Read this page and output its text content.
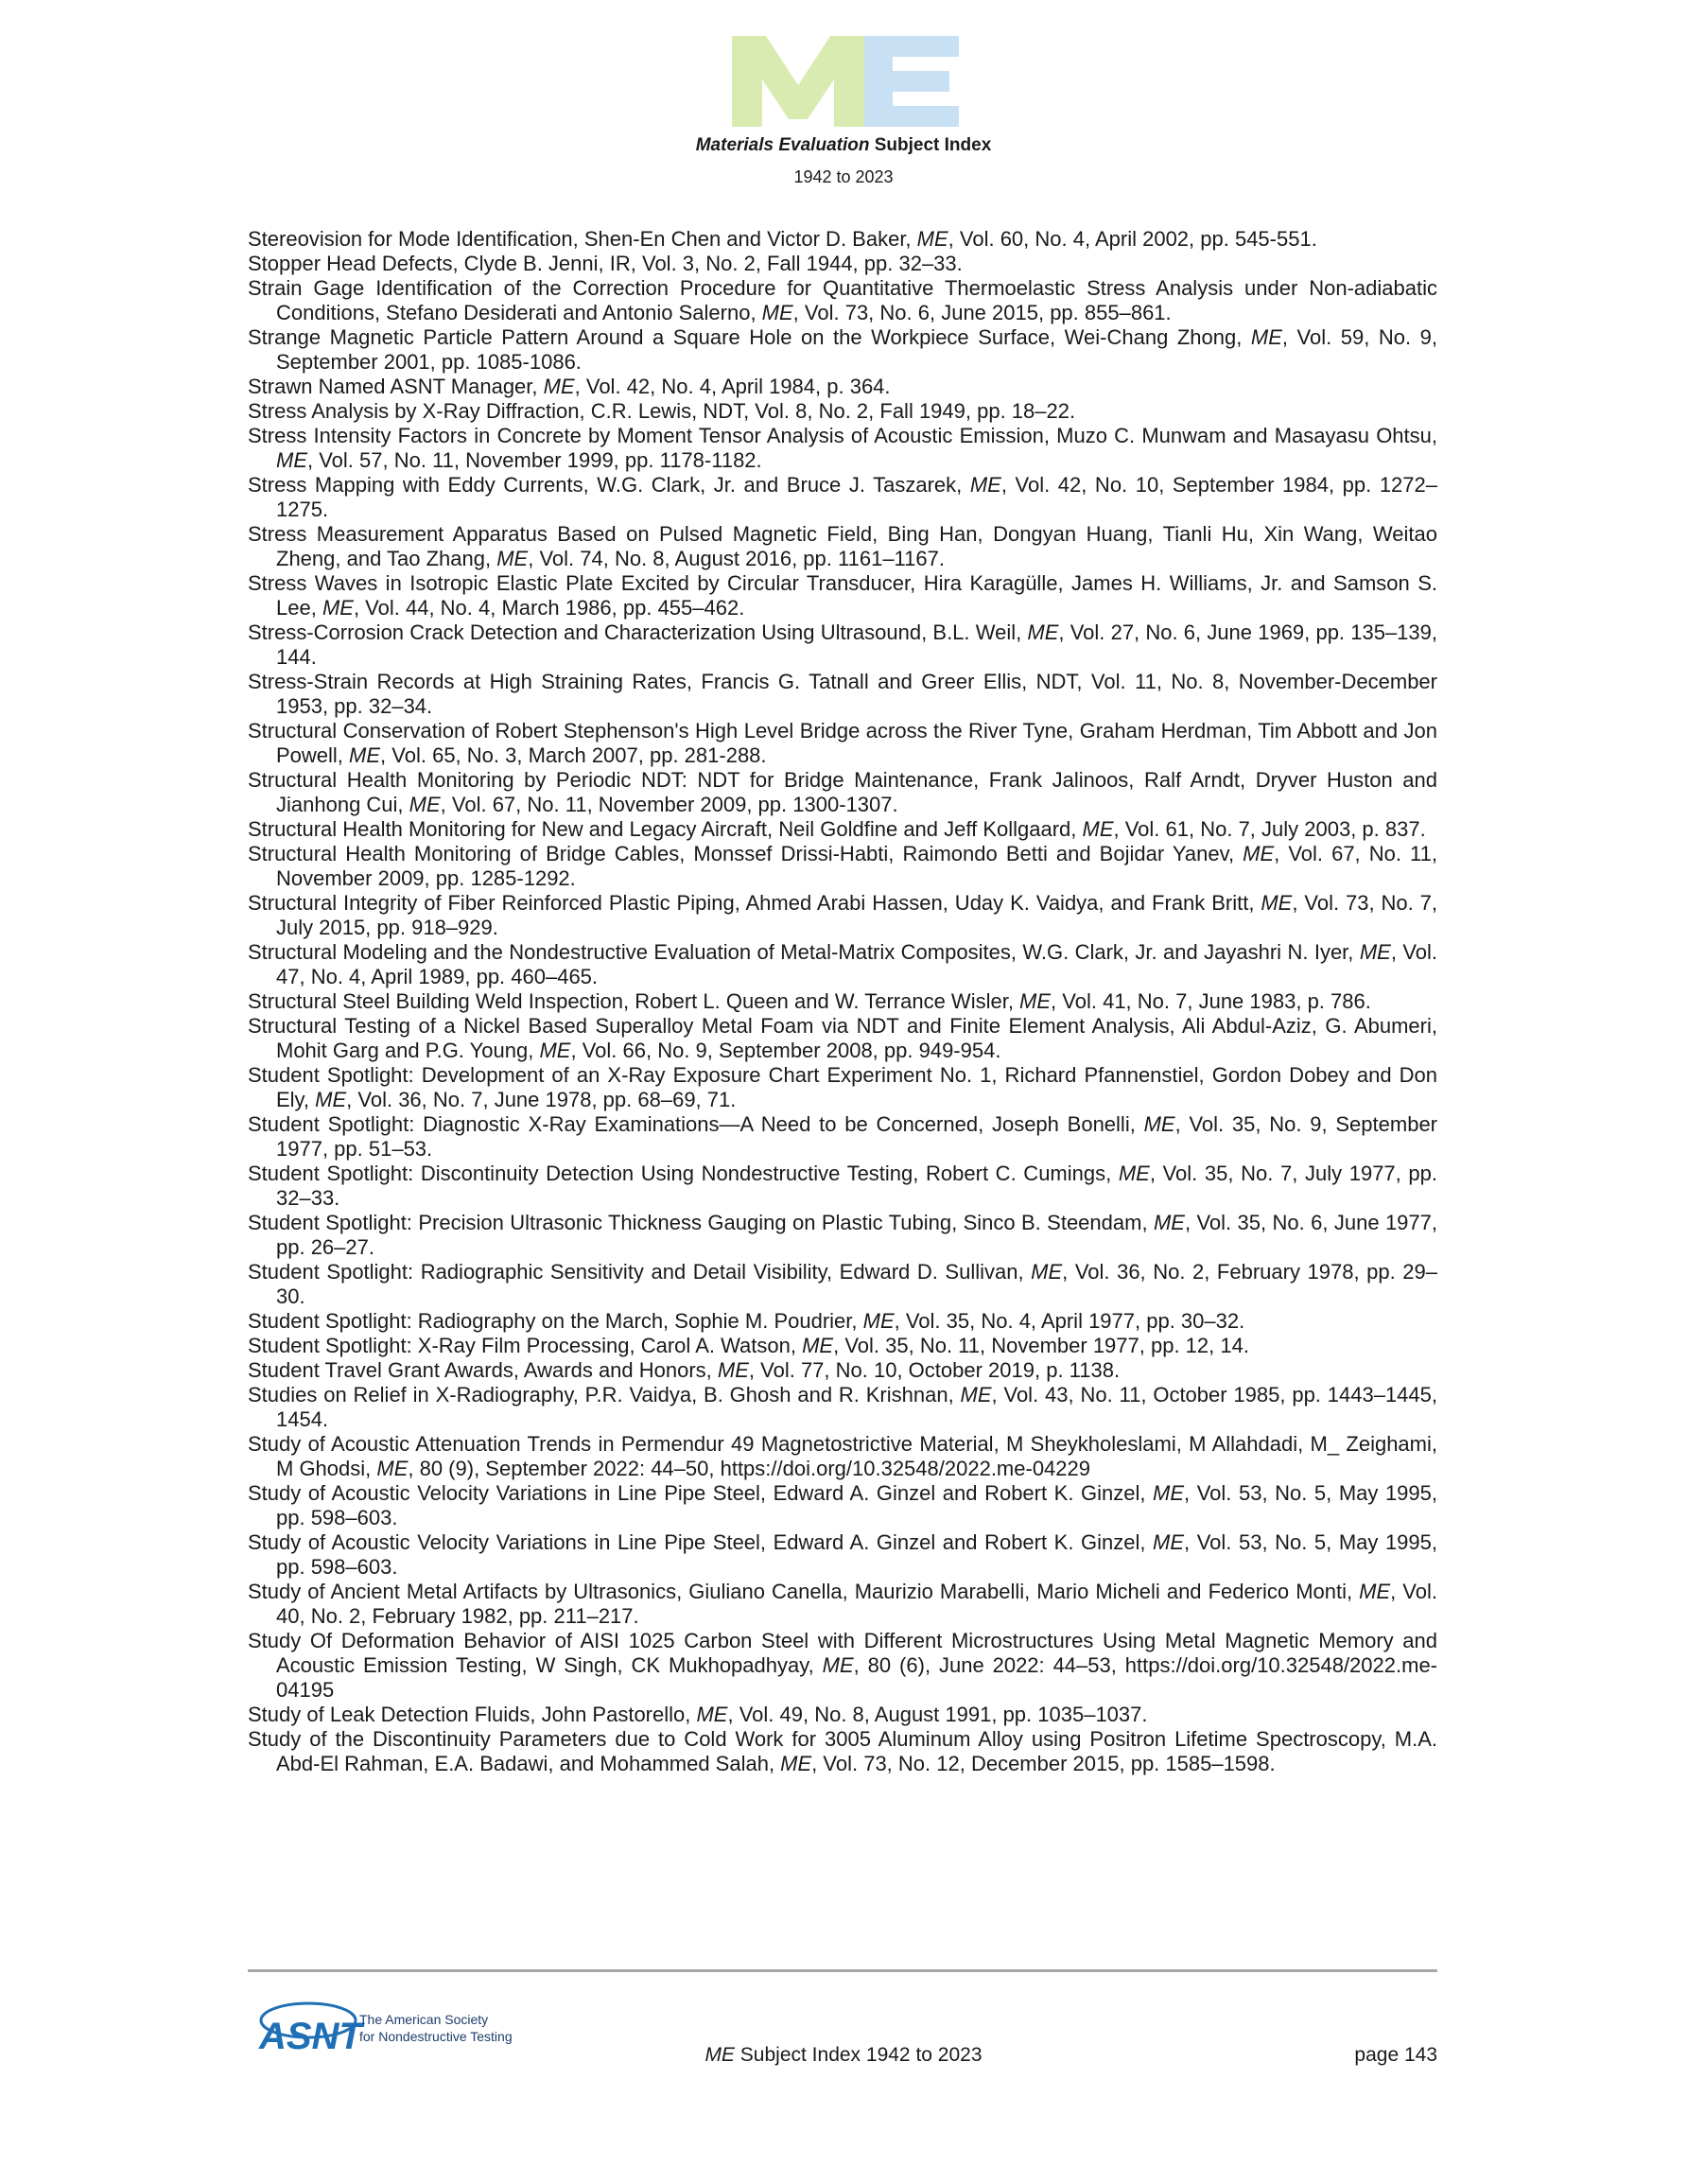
Materials Evaluation Subject Index
1942 to 2023

Stereovision for Mode Identification, Shen-En Chen and Victor D. Baker, ME, Vol. 60, No. 4, April 2002, pp. 545-551.

Stopper Head Defects, Clyde B. Jenni, IR, Vol. 3, No. 2, Fall 1944, pp. 32–33.

Strain Gage Identification of the Correction Procedure for Quantitative Thermoelastic Stress Analysis under Non-adiabatic Conditions, Stefano Desiderati and Antonio Salerno, ME, Vol. 73, No. 6, June 2015, pp. 855–861.

Strange Magnetic Particle Pattern Around a Square Hole on the Workpiece Surface, Wei-Chang Zhong, ME, Vol. 59, No. 9, September 2001, pp. 1085-1086.

Strawn Named ASNT Manager, ME, Vol. 42, No. 4, April 1984, p. 364.

Stress Analysis by X-Ray Diffraction, C.R. Lewis, NDT, Vol. 8, No. 2, Fall 1949, pp. 18–22.

Stress Intensity Factors in Concrete by Moment Tensor Analysis of Acoustic Emission, Muzo C. Munwam and Masayasu Ohtsu, ME, Vol. 57, No. 11, November 1999, pp. 1178-1182.

Stress Mapping with Eddy Currents, W.G. Clark, Jr. and Bruce J. Taszarek, ME, Vol. 42, No. 10, September 1984, pp. 1272–1275.

Stress Measurement Apparatus Based on Pulsed Magnetic Field, Bing Han, Dongyan Huang, Tianli Hu, Xin Wang, Weitao Zheng, and Tao Zhang, ME, Vol. 74, No. 8, August 2016, pp. 1161–1167.

Stress Waves in Isotropic Elastic Plate Excited by Circular Transducer, Hira Karagülle, James H. Williams, Jr. and Samson S. Lee, ME, Vol. 44, No. 4, March 1986, pp. 455–462.

Stress-Corrosion Crack Detection and Characterization Using Ultrasound, B.L. Weil, ME, Vol. 27, No. 6, June 1969, pp. 135–139, 144.

Stress-Strain Records at High Straining Rates, Francis G. Tatnall and Greer Ellis, NDT, Vol. 11, No. 8, November-December 1953, pp. 32–34.

Structural Conservation of Robert Stephenson's High Level Bridge across the River Tyne, Graham Herdman, Tim Abbott and Jon Powell, ME, Vol. 65, No. 3, March 2007, pp. 281-288.

Structural Health Monitoring by Periodic NDT: NDT for Bridge Maintenance, Frank Jalinoos, Ralf Arndt, Dryver Huston and Jianhong Cui, ME, Vol. 67, No. 11, November 2009, pp. 1300-1307.

Structural Health Monitoring for New and Legacy Aircraft, Neil Goldfine and Jeff Kollgaard, ME, Vol. 61, No. 7, July 2003, p. 837.

Structural Health Monitoring of Bridge Cables, Monssef Drissi-Habti, Raimondo Betti and Bojidar Yanev, ME, Vol. 67, No. 11, November 2009, pp. 1285-1292.

Structural Integrity of Fiber Reinforced Plastic Piping, Ahmed Arabi Hassen, Uday K. Vaidya, and Frank Britt, ME, Vol. 73, No. 7, July 2015, pp. 918–929.

Structural Modeling and the Nondestructive Evaluation of Metal-Matrix Composites, W.G. Clark, Jr. and Jayashri N. Iyer, ME, Vol. 47, No. 4, April 1989, pp. 460–465.

Structural Steel Building Weld Inspection, Robert L. Queen and W. Terrance Wisler, ME, Vol. 41, No. 7, June 1983, p. 786.

Structural Testing of a Nickel Based Superalloy Metal Foam via NDT and Finite Element Analysis, Ali Abdul-Aziz, G. Abumeri, Mohit Garg and P.G. Young, ME, Vol. 66, No. 9, September 2008, pp. 949-954.

Student Spotlight: Development of an X-Ray Exposure Chart Experiment No. 1, Richard Pfannenstiel, Gordon Dobey and Don Ely, ME, Vol. 36, No. 7, June 1978, pp. 68–69, 71.

Student Spotlight: Diagnostic X-Ray Examinations—A Need to be Concerned, Joseph Bonelli, ME, Vol. 35, No. 9, September 1977, pp. 51–53.

Student Spotlight: Discontinuity Detection Using Nondestructive Testing, Robert C. Cumings, ME, Vol. 35, No. 7, July 1977, pp. 32–33.

Student Spotlight: Precision Ultrasonic Thickness Gauging on Plastic Tubing, Sinco B. Steendam, ME, Vol. 35, No. 6, June 1977, pp. 26–27.

Student Spotlight: Radiographic Sensitivity and Detail Visibility, Edward D. Sullivan, ME, Vol. 36, No. 2, February 1978, pp. 29–30.

Student Spotlight: Radiography on the March, Sophie M. Poudrier, ME, Vol. 35, No. 4, April 1977, pp. 30–32.

Student Spotlight: X-Ray Film Processing, Carol A. Watson, ME, Vol. 35, No. 11, November 1977, pp. 12, 14.

Student Travel Grant Awards, Awards and Honors, ME, Vol. 77, No. 10, October 2019, p. 1138.

Studies on Relief in X-Radiography, P.R. Vaidya, B. Ghosh and R. Krishnan, ME, Vol. 43, No. 11, October 1985, pp. 1443–1445, 1454.

Study of Acoustic Attenuation Trends in Permendur 49 Magnetostrictive Material, M Sheykholeslami, M Allahdadi, M_ Zeighami, M Ghodsi, ME, 80 (9), September 2022: 44–50, https://doi.org/10.32548/2022.me-04229

Study of Acoustic Velocity Variations in Line Pipe Steel, Edward A. Ginzel and Robert K. Ginzel, ME, Vol. 53, No. 5, May 1995, pp. 598–603.

Study of Acoustic Velocity Variations in Line Pipe Steel, Edward A. Ginzel and Robert K. Ginzel, ME, Vol. 53, No. 5, May 1995, pp. 598–603.

Study of Ancient Metal Artifacts by Ultrasonics, Giuliano Canella, Maurizio Marabelli, Mario Micheli and Federico Monti, ME, Vol. 40, No. 2, February 1982, pp. 211–217.

Study Of Deformation Behavior of AISI 1025 Carbon Steel with Different Microstructures Using Metal Magnetic Memory and Acoustic Emission Testing, W Singh, CK Mukhopadhyay, ME, 80 (6), June 2022: 44–53, https://doi.org/10.32548/2022.me-04195

Study of Leak Detection Fluids, John Pastorello, ME, Vol. 49, No. 8, August 1991, pp. 1035–1037.

Study of the Discontinuity Parameters due to Cold Work for 3005 Aluminum Alloy using Positron Lifetime Spectroscopy, M.A. Abd-El Rahman, E.A. Badawi, and Mohammed Salah, ME, Vol. 73, No. 12, December 2015, pp. 1585–1598.

ASNT
The American Society
for Nondestructive Testing
ME Subject Index 1942 to 2023	page 143
